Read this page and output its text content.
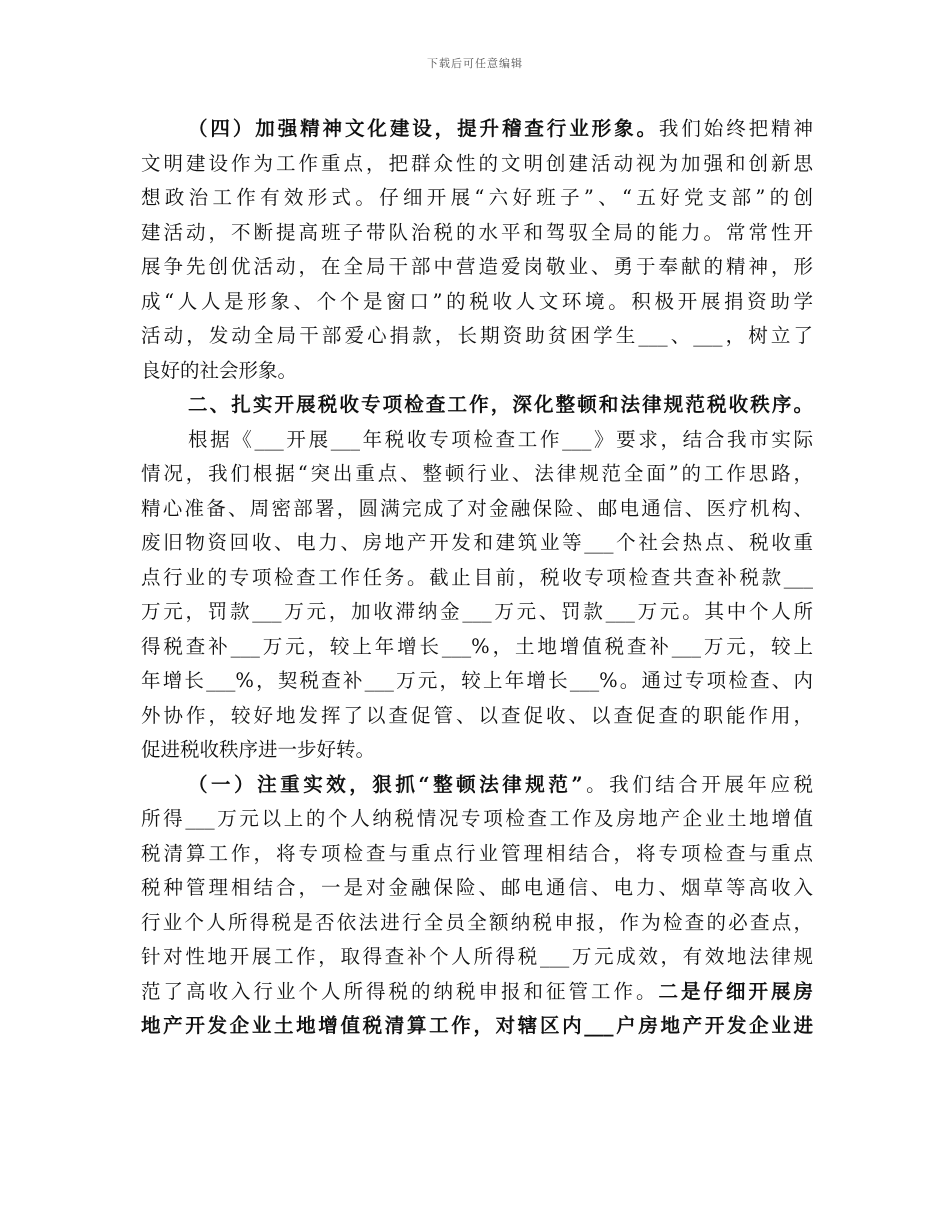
下载后可任意编辑
（四）加强精神文化建设，提升稽查行业形象。我们始终把精神
文明建设作为工作重点，把群众性的文明创建活动视为加强和创新思
想政治工作有效形式。仔细开展“六好班子”、“五好党支部”的创
建活动，不断提高班子带队治税的水平和驾驭全局的能力。常常性开
展争先创优活动，在全局干部中营造爱岗敬业、勇于奉献的精神，形
成“人人是形象、个个是窗口”的税收人文环境。积极开展捐资助学
活动，发动全局干部爱心捐款，长期资助贫困学生___、___，树立了
良好的社会形象。
二、扎实开展税收专项检查工作，深化整顿和法律规范税收秩序。
根据《___开展___年税收专项检查工作___》要求，结合我市实际
情况，我们根据“突出重点、整顿行业、法律规范全面”的工作思路，
精心准备、周密部署，圆满完成了对金融保险、邮电通信、医疗机构、
废旧物资回收、电力、房地产开发和建筑业等___个社会热点、税收重
点行业的专项检查工作任务。截止目前，税收专项检查共查补税款___
万元，罚款___万元，加收滞纳金___万元、罚款___万元。其中个人所
得税查补___万元，较上年增长___%，土地增值税查补___万元，较上
年增长___%，契税查补___万元，较上年增长___%。通过专项检查、内
外协作，较好地发挥了以查促管、以查促收、以查促查的职能作用，
促进税收秩序进一步好转。
（一）注重实效，狠抓“整顿法律规范”。我们结合开展年应税
所得___万元以上的个人纳税情况专项检查工作及房地产企业土地增值
税清算工作，将专项检查与重点行业管理相结合，将专项检查与重点
税种管理相结合，一是对金融保险、邮电通信、电力、烟草等高收入
行业个人所得税是否依法进行全员全额纳税申报，作为检查的必查点，
针对性地开展工作，取得查补个人所得税___万元成效，有效地法律规
范了高收入行业个人所得税的纳税申报和征管工作。二是仔细开展房
地产开发企业土地增值税清算工作，对辖区内___户房地产开发企业进
